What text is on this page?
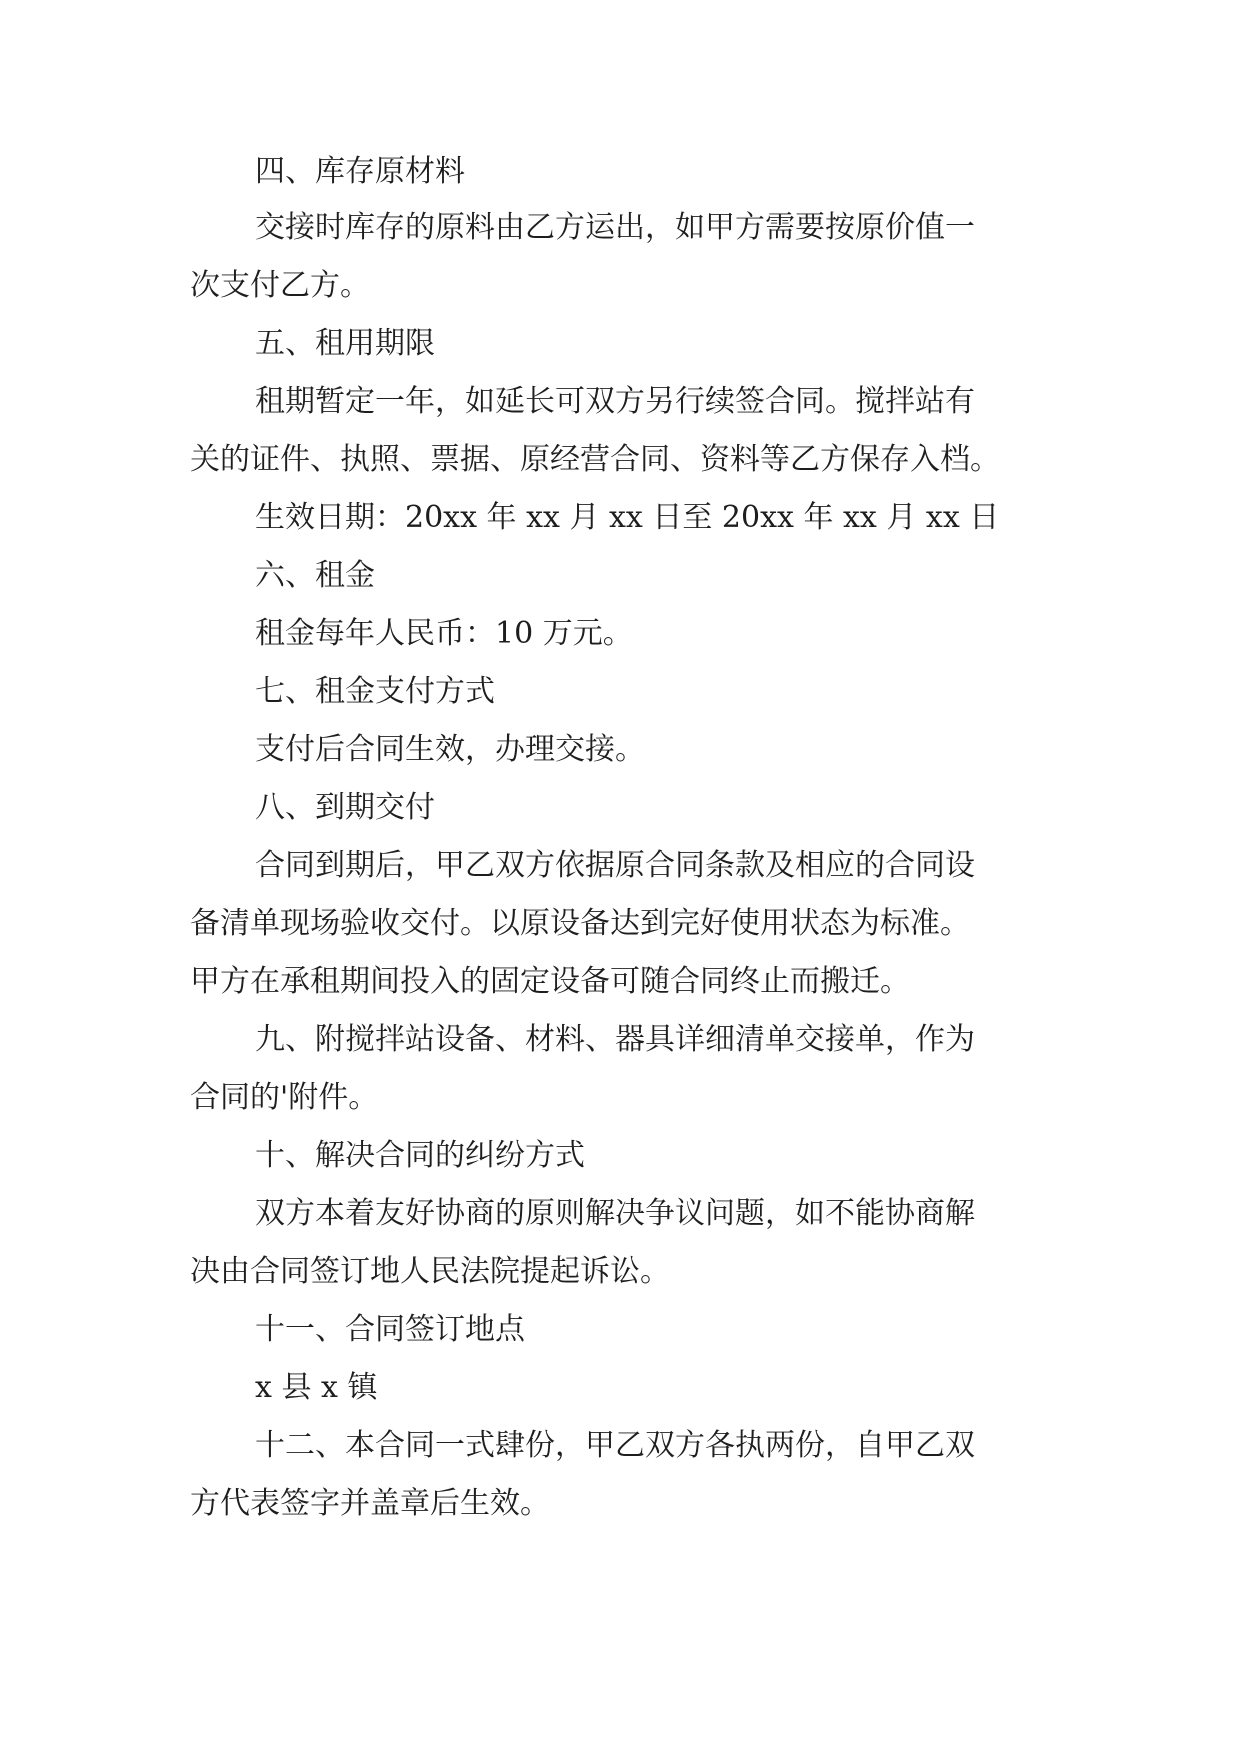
四、库存原材料
交接时库存的原料由乙方运出，如甲方需要按原价值一
次支付乙方。
五、租用期限
租期暂定一年，如延长可双方另行续签合同。搅拌站有
关的证件、执照、票据、原经营合同、资料等乙方保存入档。
生效日期：20xx 年 xx 月 xx 日至 20xx 年 xx 月 xx 日
六、租金
租金每年人民币：10 万元。
七、租金支付方式
支付后合同生效，办理交接。
八、到期交付
合同到期后，甲乙双方依据原合同条款及相应的合同设
备清单现场验收交付。以原设备达到完好使用状态为标准。
甲方在承租期间投入的固定设备可随合同终止而搬迁。
九、附搅拌站设备、材料、器具详细清单交接单，作为
合同的'附件。
十、解决合同的纠纷方式
双方本着友好协商的原则解决争议问题，如不能协商解
决由合同签订地人民法院提起诉讼。
十一、合同签订地点
x 县 x 镇
十二、本合同一式肆份，甲乙双方各执两份，自甲乙双
方代表签字并盖章后生效。
